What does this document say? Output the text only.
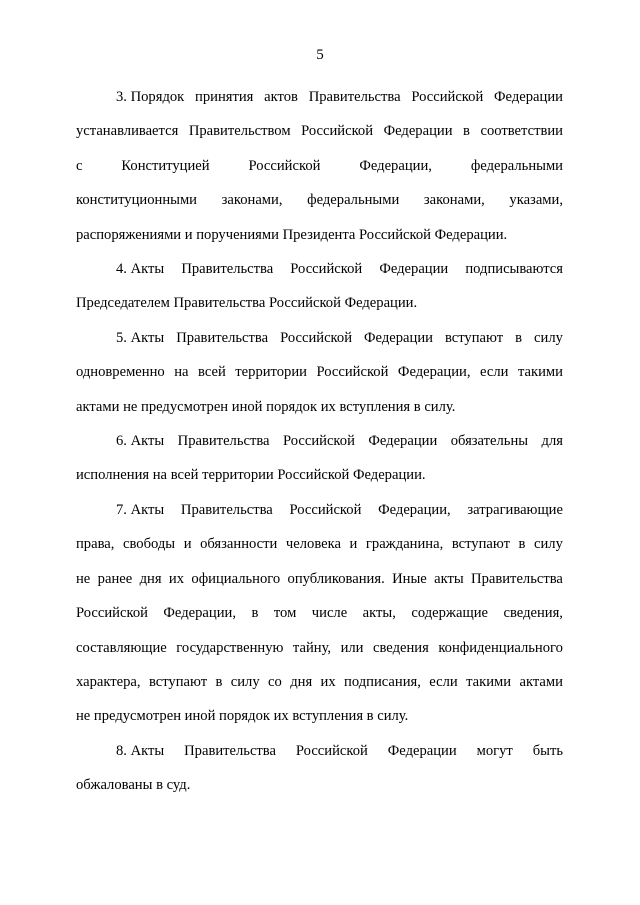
5
3. Порядок принятия актов Правительства Российской Федерации
устанавливается Правительством Российской Федерации в соответствии
с	Конституцией	Российской	Федерации,	федеральными
конституционными законами, федеральными законами, указами,
распоряжениями и поручениями Президента Российской Федерации.
4. Акты Правительства Российской Федерации подписываются
Председателем Правительства Российской Федерации.
5. Акты Правительства Российской Федерации вступают в силу
одновременно на всей территории Российской Федерации, если такими
актами не предусмотрен иной порядок их вступления в силу.
6. Акты Правительства Российской Федерации обязательны для
исполнения на всей территории Российской Федерации.
7. Акты Правительства Российской Федерации, затрагивающие
права, свободы и обязанности человека и гражданина, вступают в силу
не ранее дня их официального опубликования. Иные акты Правительства
Российской Федерации, в том числе акты, содержащие сведения,
составляющие государственную тайну, или сведения конфиденциального
характера, вступают в силу со дня их подписания, если такими актами
не предусмотрен иной порядок их вступления в силу.
8. Акты Правительства Российской Федерации могут быть
обжалованы в суд.
